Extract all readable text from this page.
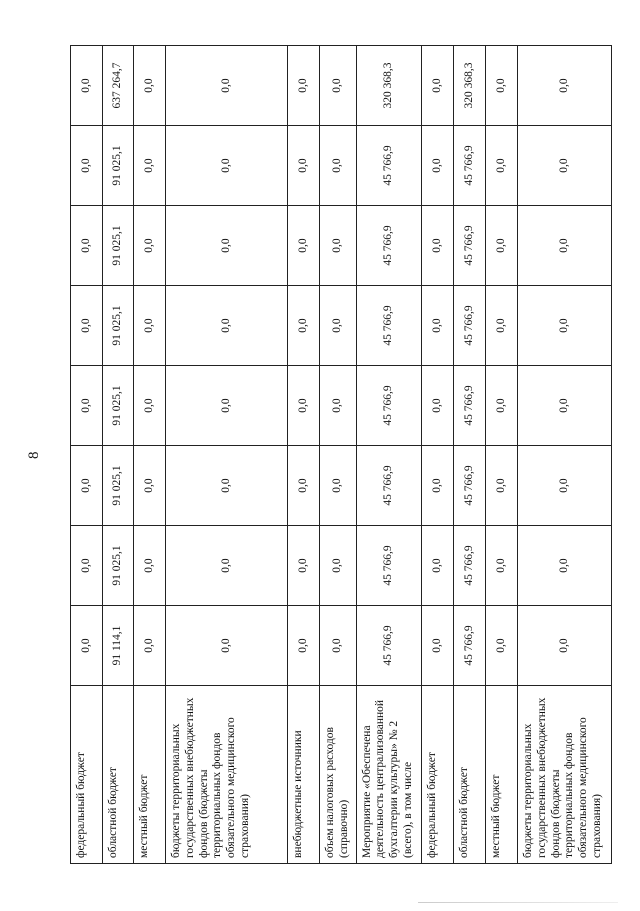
8
федеральный бюджет	0,0	0,0	0,0	0,0	0,0	0,0	0,0	0,0
областной бюджет	91 114,1	91 025,1	91 025,1	91 025,1	91 025,1	91 025,1	91 025,1	637 264,7
местный бюджет	0,0	0,0	0,0	0,0	0,0	0,0	0,0	0,0
бюджеты территориальных государственных внебюджетных фондов (бюджеты территориальных фондов обязательного медицинского страхования)	0,0	0,0	0,0	0,0	0,0	0,0	0,0	0,0
внебюджетные источники	0,0	0,0	0,0	0,0	0,0	0,0	0,0	0,0
объем налоговых расходов (справочно)	0,0	0,0	0,0	0,0	0,0	0,0	0,0	0,0
Мероприятие «Обеспечена деятельность централизованной бухгалтерии культуры» № 2 (всего), в том числе	45 766,9	45 766,9	45 766,9	45 766,9	45 766,9	45 766,9	45 766,9	320 368,3
федеральный бюджет	0,0	0,0	0,0	0,0	0,0	0,0	0,0	0,0
областной бюджет	45 766,9	45 766,9	45 766,9	45 766,9	45 766,9	45 766,9	45 766,9	320 368,3
местный бюджет	0,0	0,0	0,0	0,0	0,0	0,0	0,0	0,0
бюджеты территориальных государственных внебюджетных фондов (бюджеты территориальных фондов обязательного медицинского страхования)	0,0	0,0	0,0	0,0	0,0	0,0	0,0	0,0
